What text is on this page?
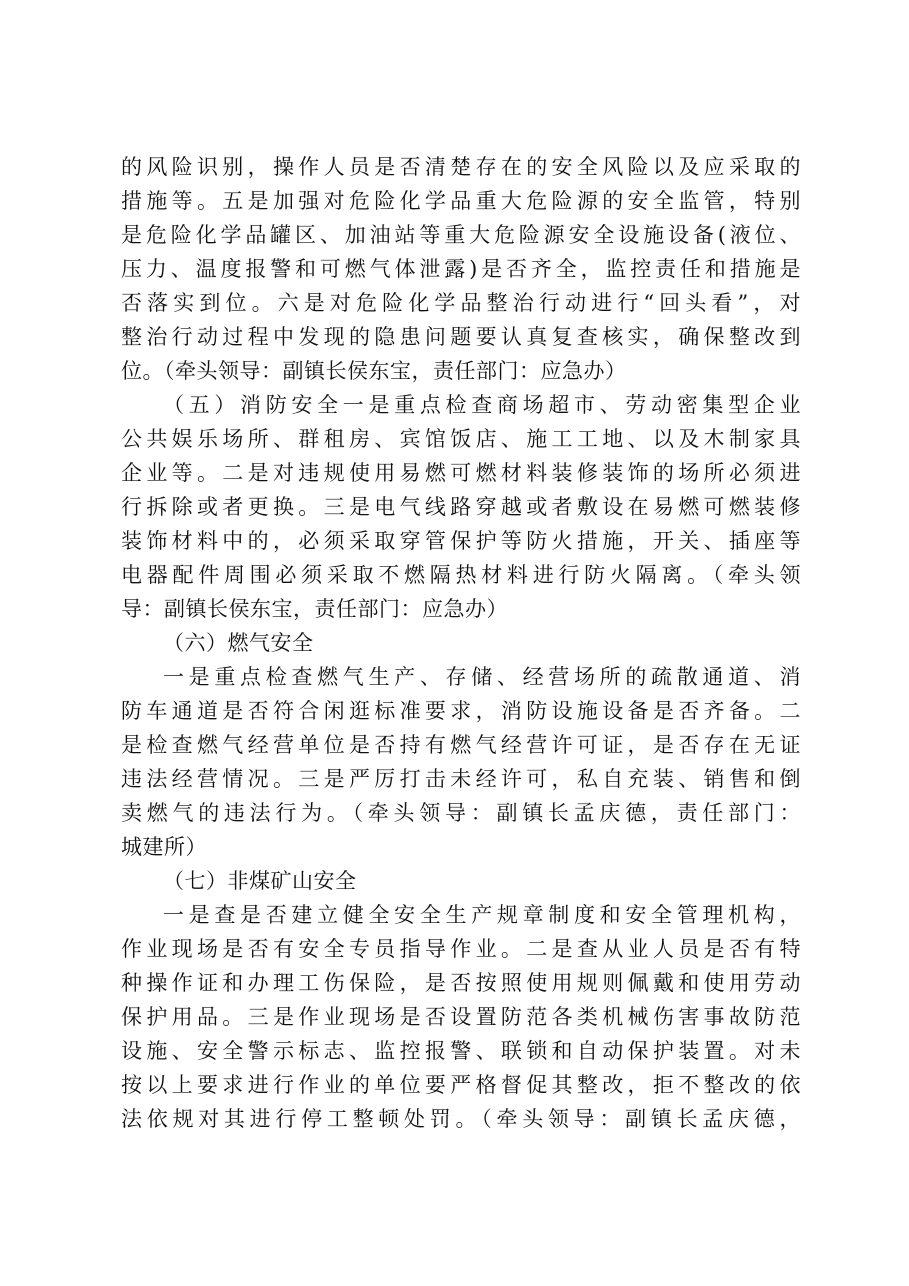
的风险识别，操作人员是否清楚存在的安全风险以及应采取的
措施等。五是加强对危险化学品重大危险源的安全监管，特别
是危险化学品罐区、加油站等重大危险源安全设施设备(液位、
压力、温度报警和可燃气体泄露)是否齐全，监控责任和措施是
否落实到位。六是对危险化学品整治行动进行“回头看”，对
整治行动过程中发现的隐患问题要认真复查核实，确保整改到
位。（牵头领导：副镇长侯东宝，责任部门：应急办）
（五）消防安全一是重点检查商场超市、劳动密集型企业
公共娱乐场所、群租房、宾馆饭店、施工工地、以及木制家具
企业等。二是对违规使用易燃可燃材料装修装饰的场所必须进
行拆除或者更换。三是电气线路穿越或者敷设在易燃可燃装修
装饰材料中的，必须采取穿管保护等防火措施，开关、插座等
电器配件周围必须采取不燃隔热材料进行防火隔离。（牵头领
导：副镇长侯东宝，责任部门：应急办）
（六）燃气安全
一是重点检查燃气生产、存储、经营场所的疏散通道、消
防车通道是否符合闲逛标准要求，消防设施设备是否齐备。二
是检查燃气经营单位是否持有燃气经营许可证，是否存在无证
违法经营情况。三是严厉打击未经许可，私自充装、销售和倒
卖燃气的违法行为。（牵头领导：副镇长孟庆德，责任部门：
城建所）
（七）非煤矿山安全
一是查是否建立健全安全生产规章制度和安全管理机构，
作业现场是否有安全专员指导作业。二是查从业人员是否有特
种操作证和办理工伤保险，是否按照使用规则佩戴和使用劳动
保护用品。三是作业现场是否设置防范各类机械伤害事故防范
设施、安全警示标志、监控报警、联锁和自动保护装置。对未
按以上要求进行作业的单位要严格督促其整改，拒不整改的依
法依规对其进行停工整顿处罚。（牵头领导：副镇长孟庆德，
